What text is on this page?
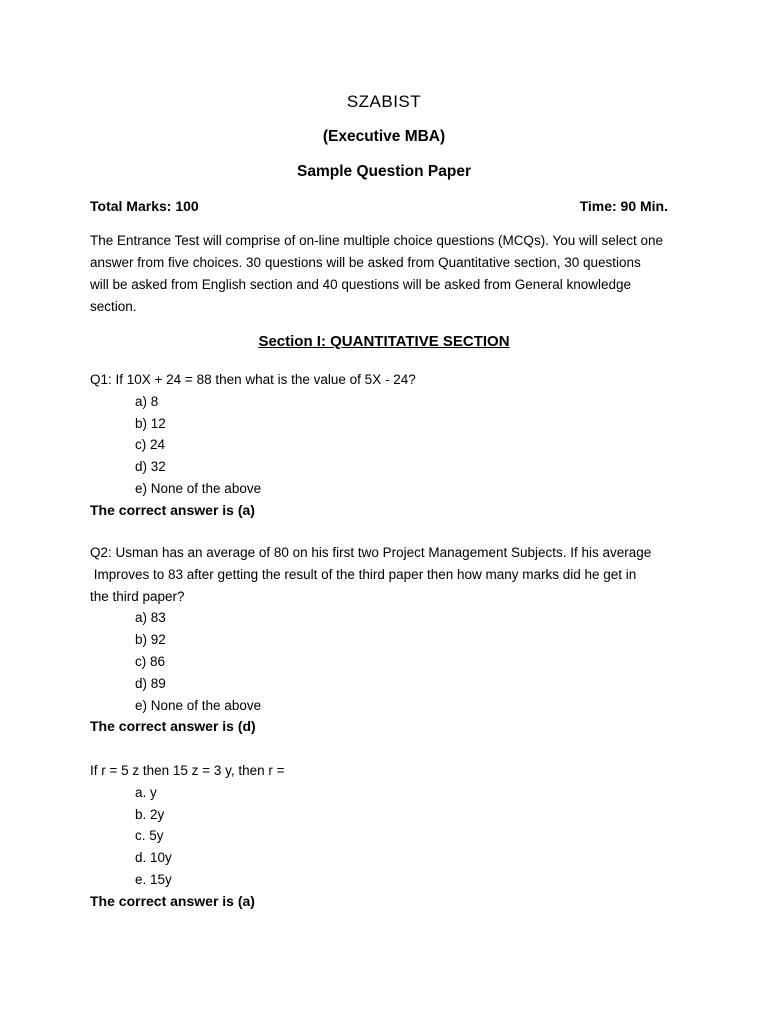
SZABIST
(Executive MBA)
Sample Question Paper
Total Marks: 100	Time: 90 Min.
The Entrance Test will comprise of on-line multiple choice questions (MCQs). You will select one
answer from five choices. 30 questions will be asked from Quantitative section, 30 questions
will be asked from English section and 40 questions will be asked from General knowledge
section.
Section I: QUANTITATIVE SECTION
Q1: If 10X + 24 = 88 then what is the value of 5X - 24?
a) 8
b) 12
c) 24
d) 32
e) None of the above
The correct answer is (a)
Q2: Usman has an average of 80 on his first two Project Management Subjects. If his average
Improves to 83 after getting the result of the third paper then how many marks did he get in
the third paper?
a) 83
b) 92
c) 86
d) 89
e) None of the above
The correct answer is (d)
If r = 5 z then 15 z = 3 y, then r =
a. y
b. 2y
c. 5y
d. 10y
e. 15y
The correct answer is (a)
